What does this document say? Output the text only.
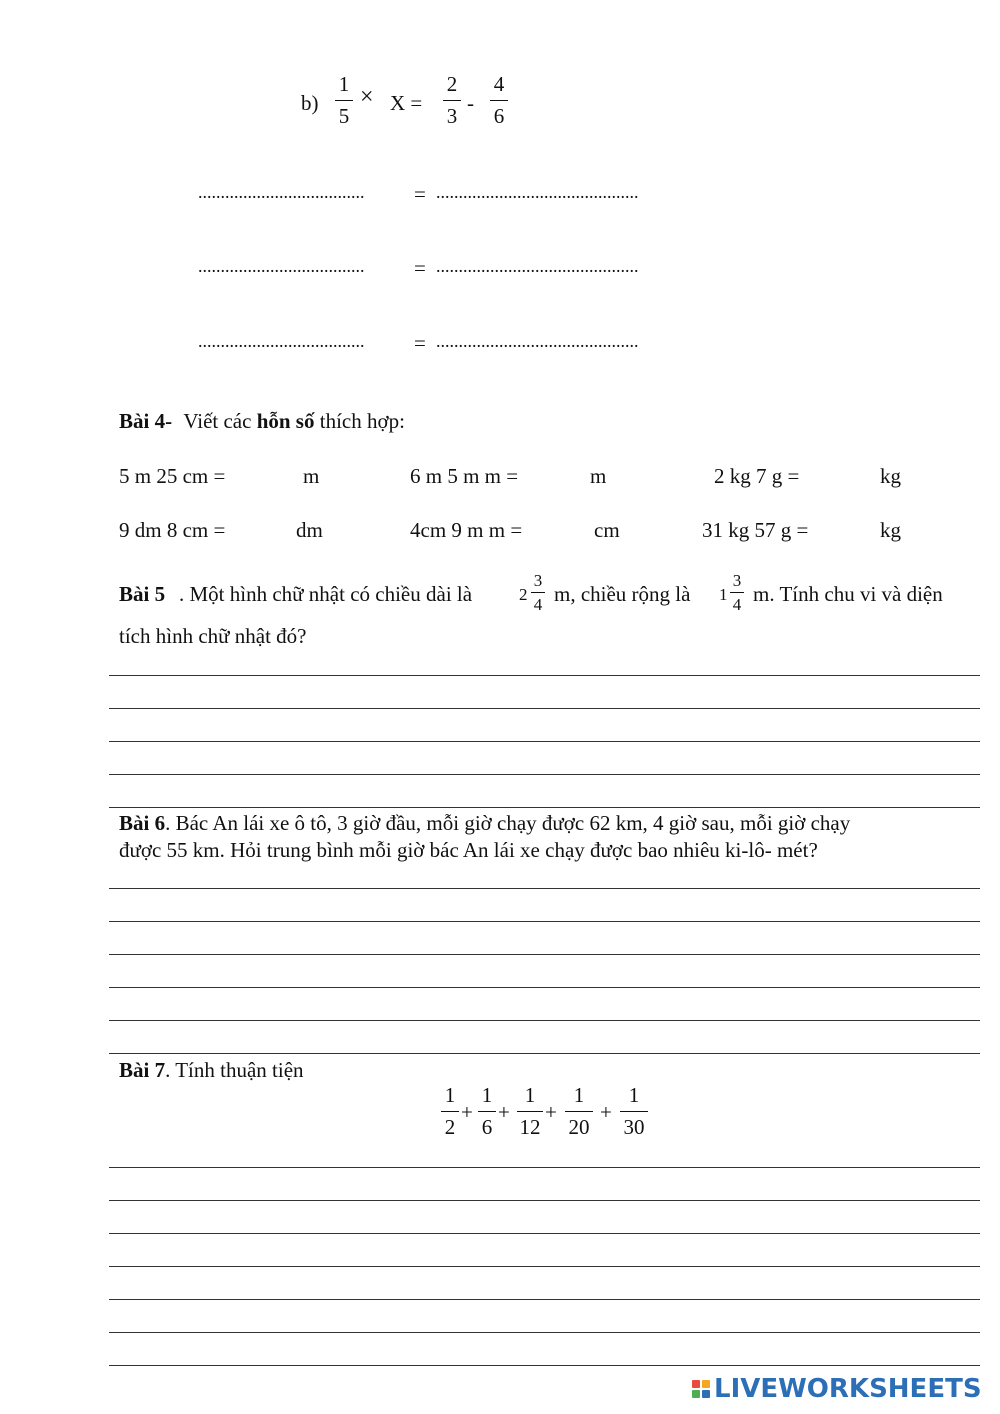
b)
1
5
× X =
2
3
-
4
6
..................................... = .............................................
..................................... = .............................................
..................................... = .............................................
Bài 4- Viết các hỗn số thích hợp:
5 m 25 cm =	m	6 m 5 m m =	m	2 kg 7 g =	kg
9 dm 8 cm =	dm	4cm 9 m m =	cm	31 kg 57 g =	kg
Bài 5 . Một hình chữ nhật có chiều dài là	2
3
4 m, chiều rộng là 1
3
4 m. Tính chu vi và diện
tích hình chữ nhật đó?
Bài 6. Bác An lái xe ô tô, 3 giờ đầu, mỗi giờ chạy được 62 km, 4 giờ sau, mỗi giờ chạy
được 55 km. Hỏi trung bình mỗi giờ bác An lái xe chạy được bao nhiêu ki-lô- mét?
Bài 7. Tính thuận tiện
1
2
+
1
6
+
1
12
+
1
20
+
1
30
LIVEWORKSHEETS
